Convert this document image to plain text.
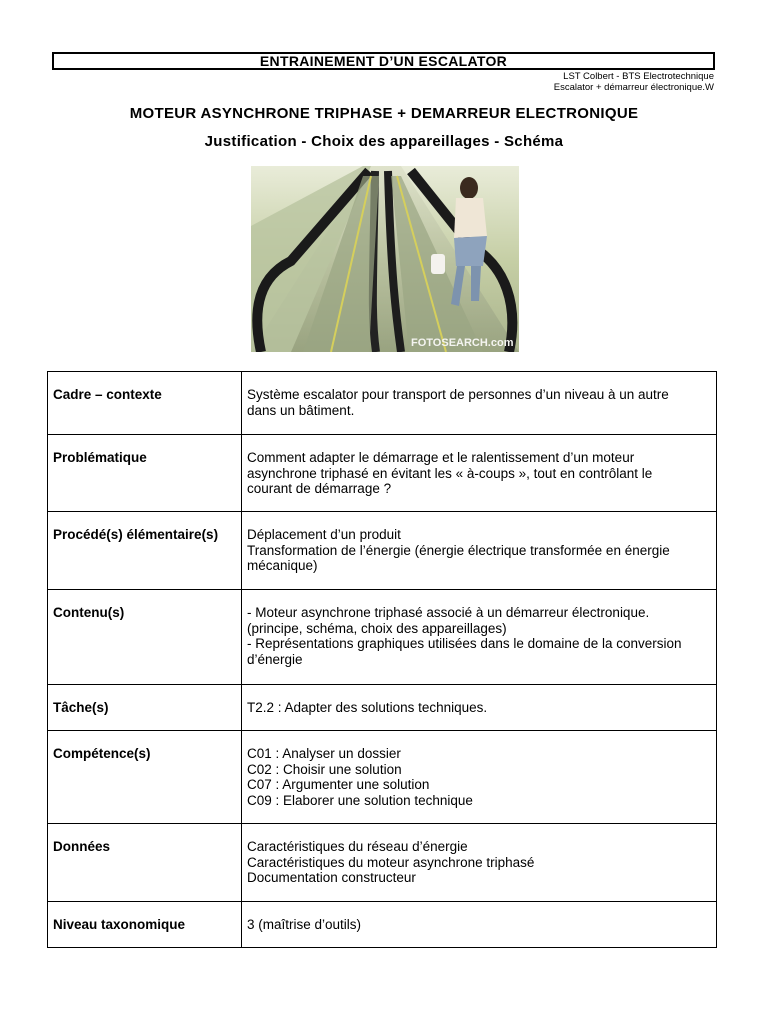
ENTRAINEMENT D’UN ESCALATOR
LST Colbert - BTS Electrotechnique
Escalator + démarreur électronique.W
MOTEUR ASYNCHRONE TRIPHASE + DEMARREUR ELECTRONIQUE
Justification - Choix des appareillages - Schéma
FOTOSEARCH.com
Cadre – contexte	Système escalator pour transport de personnes d’un niveau à un autre
dans un bâtiment.

Problématique	Comment adapter le démarrage et le ralentissement d’un moteur
asynchrone triphasé en évitant les « à-coups », tout en contrôlant le
courant de démarrage ?

Procédé(s) élémentaire(s)	Déplacement d’un produit
Transformation de l’énergie (énergie électrique transformée en énergie
mécanique)

Contenu(s)	- Moteur asynchrone triphasé associé à un démarreur électronique.
(principe, schéma, choix des appareillages)
- Représentations graphiques utilisées dans le domaine de la conversion
d’énergie

Tâche(s)	T2.2 : Adapter des solutions techniques.

Compétence(s)	C01 : Analyser un dossier
C02 : Choisir une solution
C07 : Argumenter une solution
C09 : Elaborer une solution technique

Données	Caractéristiques du réseau d’énergie
Caractéristiques du moteur asynchrone triphasé
Documentation constructeur

Niveau taxonomique	3 (maîtrise d’outils)
